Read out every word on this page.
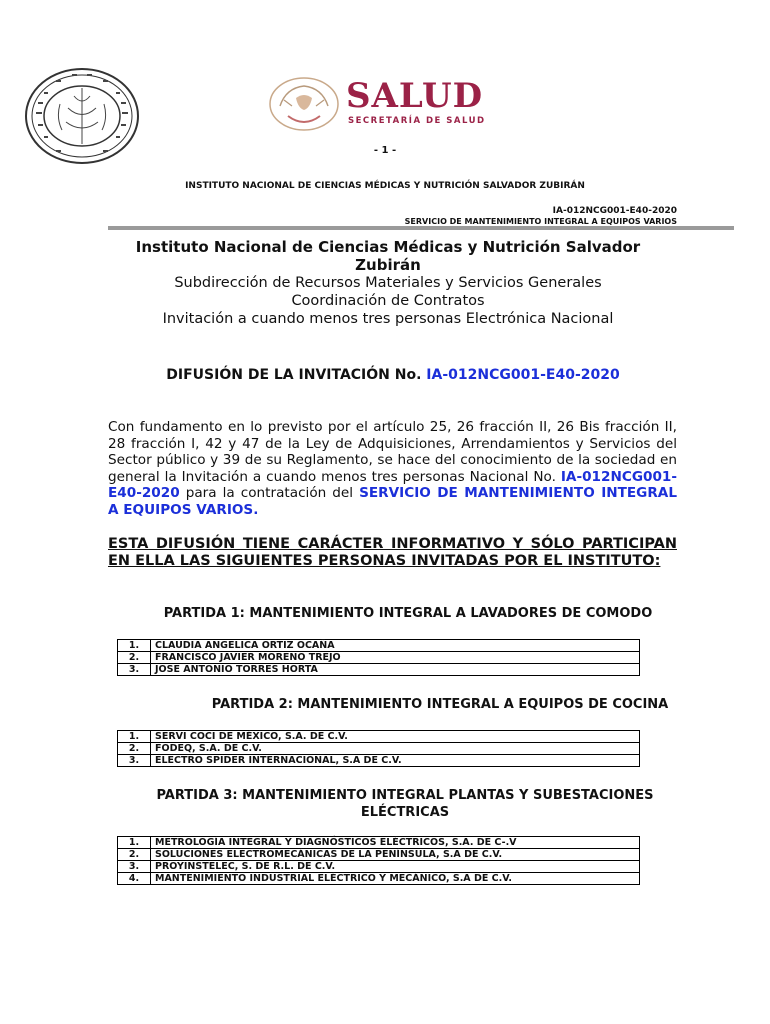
SALUD
SECRETARÍA DE SALUD
- 1 -
INSTITUTO NACIONAL DE CIENCIAS MÉDICAS Y NUTRICIÓN SALVADOR ZUBIRÁN
IA-012NCG001-E40-2020
SERVICIO DE MANTENIMIENTO INTEGRAL A EQUIPOS VARIOS
Instituto Nacional de Ciencias Médicas y Nutrición Salvador
Zubirán
Subdirección de Recursos Materiales y Servicios Generales
Coordinación de Contratos
Invitación a cuando menos tres personas Electrónica Nacional
DIFUSIÓN DE LA INVITACIÓN No. IA-012NCG001-E40-2020
Con fundamento en lo previsto por el artículo 25, 26 fracción II, 26 Bis fracción II, 28 fracción I, 42 y 47 de la Ley de Adquisiciones, Arrendamientos y Servicios del Sector público y 39 de su Reglamento, se hace del conocimiento de la sociedad en general la Invitación a cuando menos tres personas Nacional No. IA-012NCG001-E40-2020 para la contratación del SERVICIO DE MANTENIMIENTO INTEGRAL A EQUIPOS VARIOS.
ESTA DIFUSIÓN TIENE CARÁCTER INFORMATIVO Y SÓLO PARTICIPAN EN ELLA LAS SIGUIENTES PERSONAS INVITADAS POR EL INSTITUTO:
PARTIDA 1: MANTENIMIENTO INTEGRAL A LAVADORES DE COMODO
1.	CLAUDIA ANGELICA ORTIZ OCAÑA
2.	FRANCISCO JAVIER MORENO TREJO
3.	JOSE ANTONIO TORRES HORTA
PARTIDA 2: MANTENIMIENTO INTEGRAL A EQUIPOS DE COCINA
1.	SERVI COCI DE MÉXICO, S.A. DE C.V.
2.	FODEQ, S.A. DE C.V.
3.	ELECTRO SPIDER INTERNACIONAL, S.A DE C.V.
PARTIDA 3: MANTENIMIENTO INTEGRAL PLANTAS Y SUBESTACIONES
ELÉCTRICAS
1.	METROLOGÍA INTEGRAL Y DIAGNÓSTICOS ELÉCTRICOS, S.A. DE C-.V
2.	SOLUCIONES ELECTROMECÁNICAS DE LA PENÍNSULA, S.A DE C.V.
3.	PROYINSTELEC, S. DE R.L. DE C.V.
4.	MANTENIMIENTO INDUSTRIAL ELÉCTRICO Y MECÁNICO, S.A DE C.V.
